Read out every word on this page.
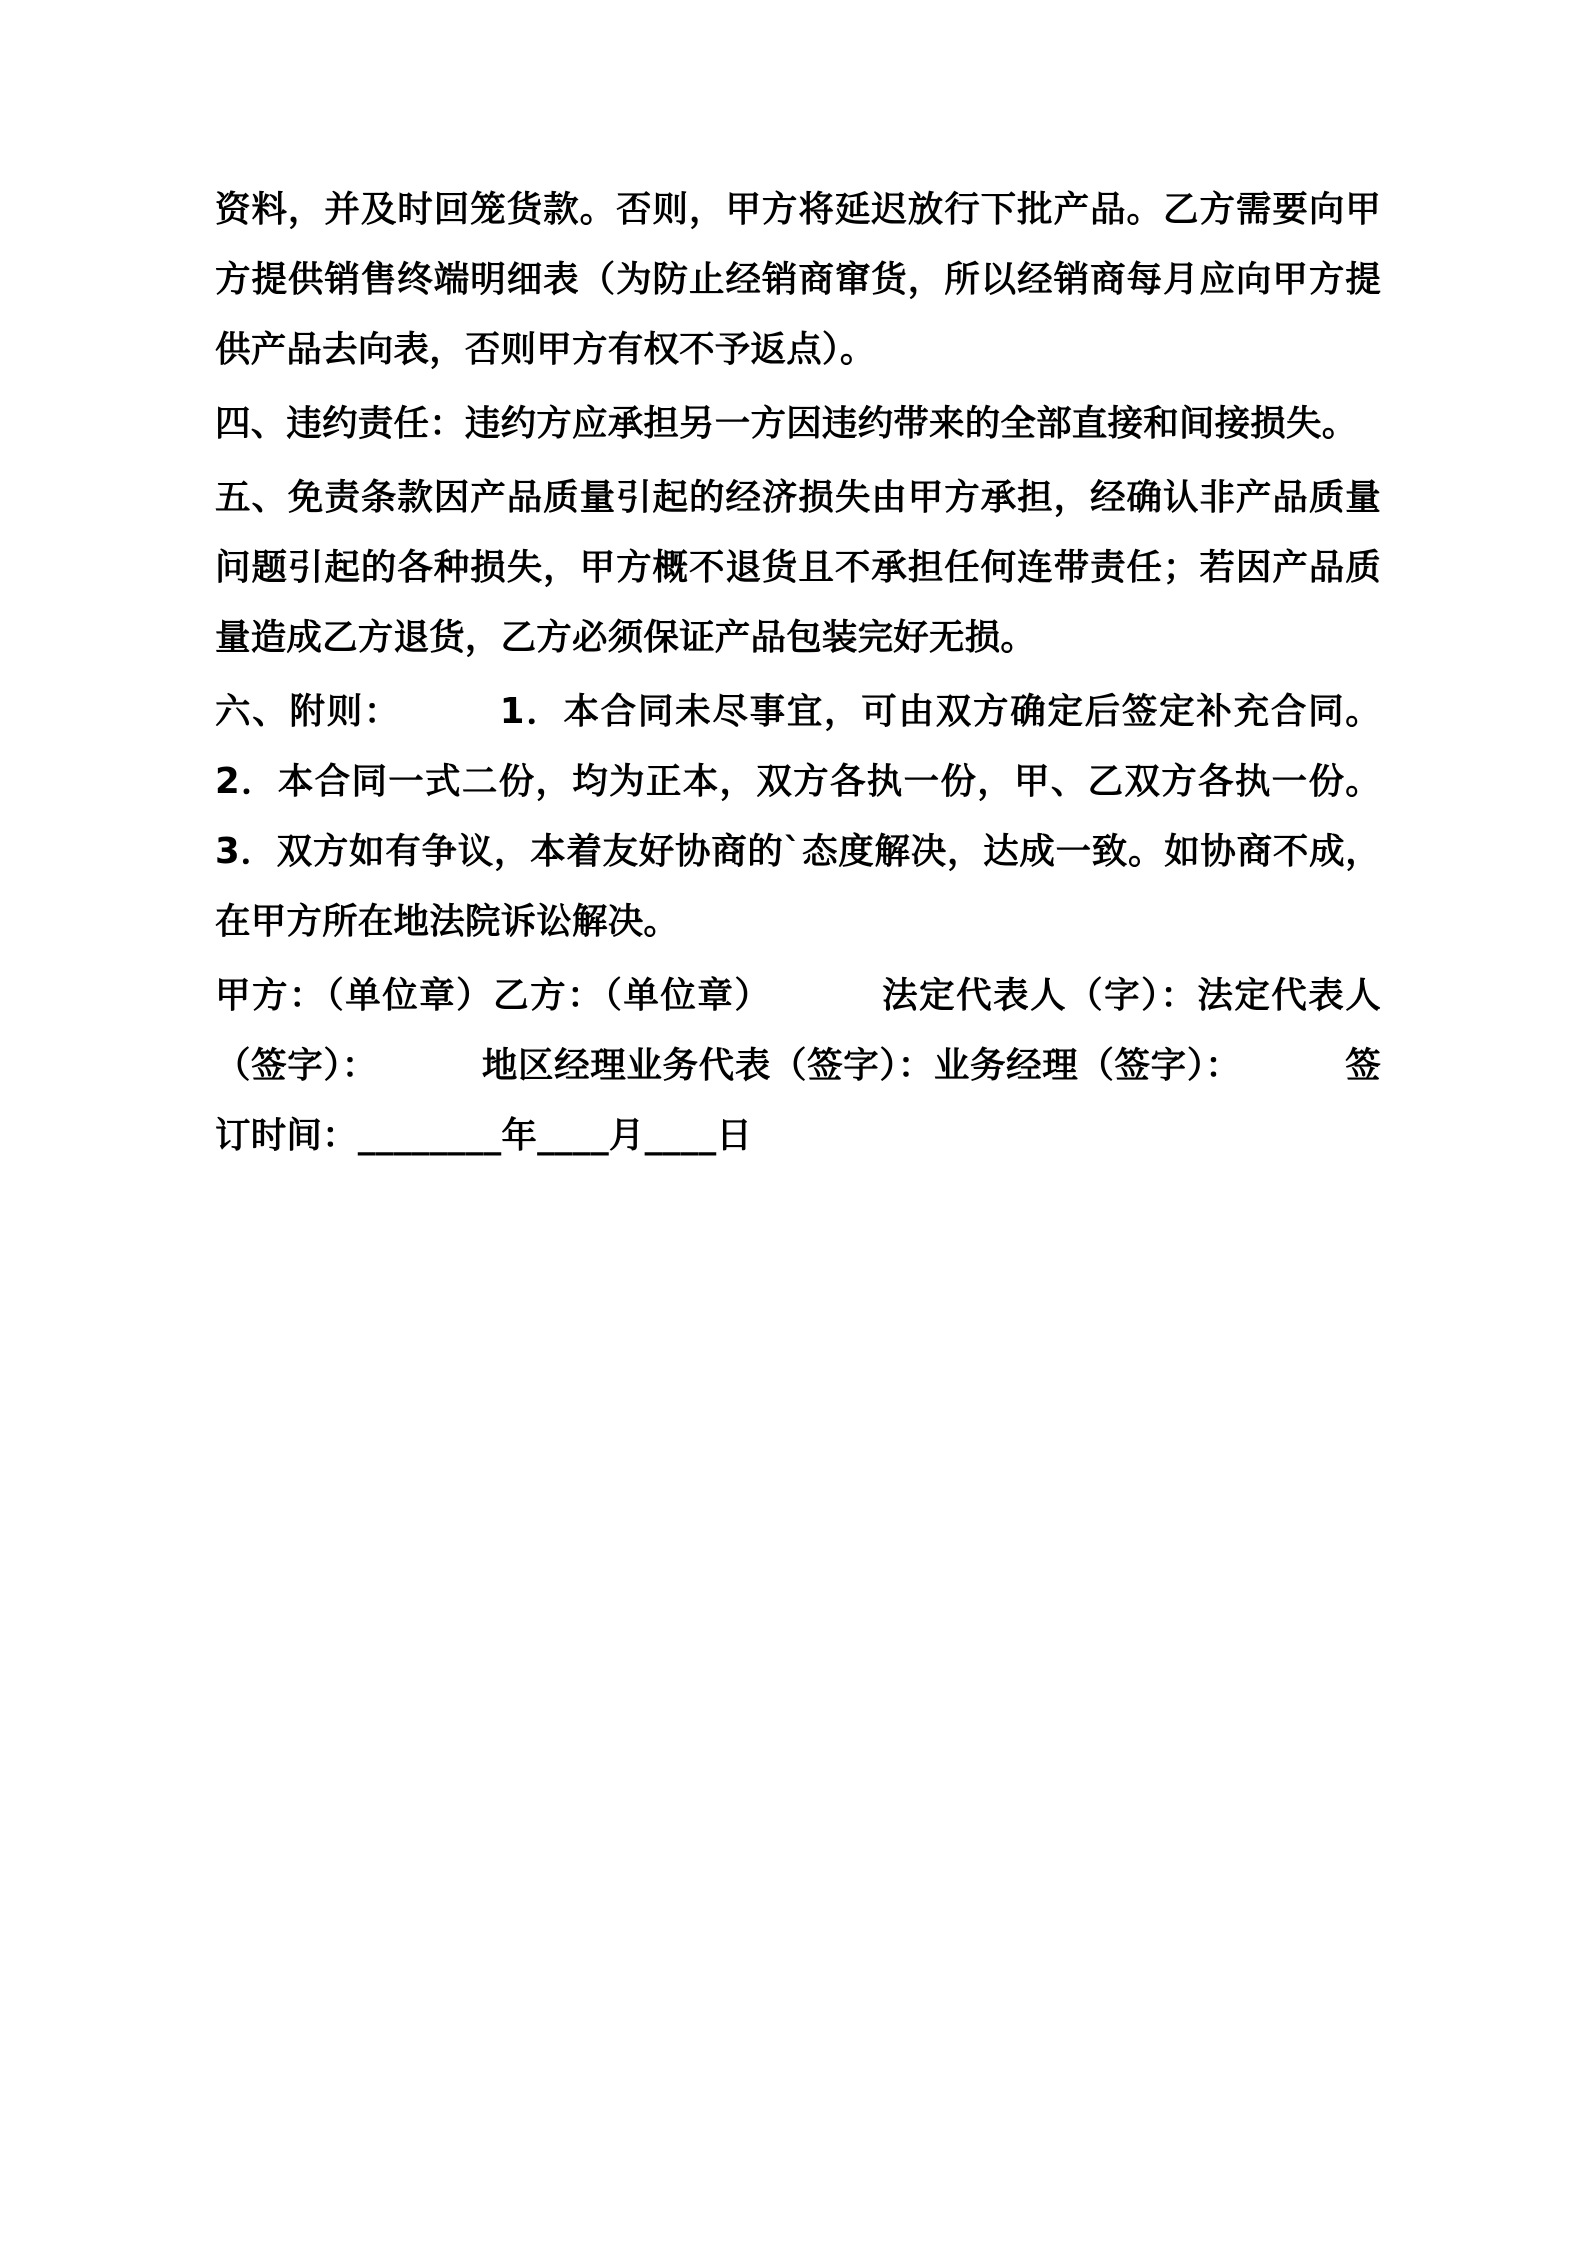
资料，并及时回笼货款。否则，甲方将延迟放行下批产品。乙方需要向甲方提供销售终端明细表（为防止经销商窜货，所以经销商每月应向甲方提供产品去向表，否则甲方有权不予返点）。

四、违约责任：违约方应承担另一方因违约带来的全部直接和间接损失。

五、免责条款因产品质量引起的经济损失由甲方承担，经确认非产品质量问题引起的各种损失，甲方概不退货且不承担任何连带责任；若因产品质量造成乙方退货，乙方必须保证产品包装完好无损。

六、附则：       1．本合同未尽事宜，可由双方确定后签定补充合同。       2．本合同一式二份，均为正本，双方各执一份，甲、乙双方各执一份。        3．双方如有争议，本着友好协商的`态度解决，达成一致。如协商不成，在甲方所在地法院诉讼解决。

甲方：（单位章）乙方：（单位章）        法定代表人（字）：法定代表人（签字）：        地区经理业务代表（签字）：业务经理（签字）：        签订时间：________年____月____日
